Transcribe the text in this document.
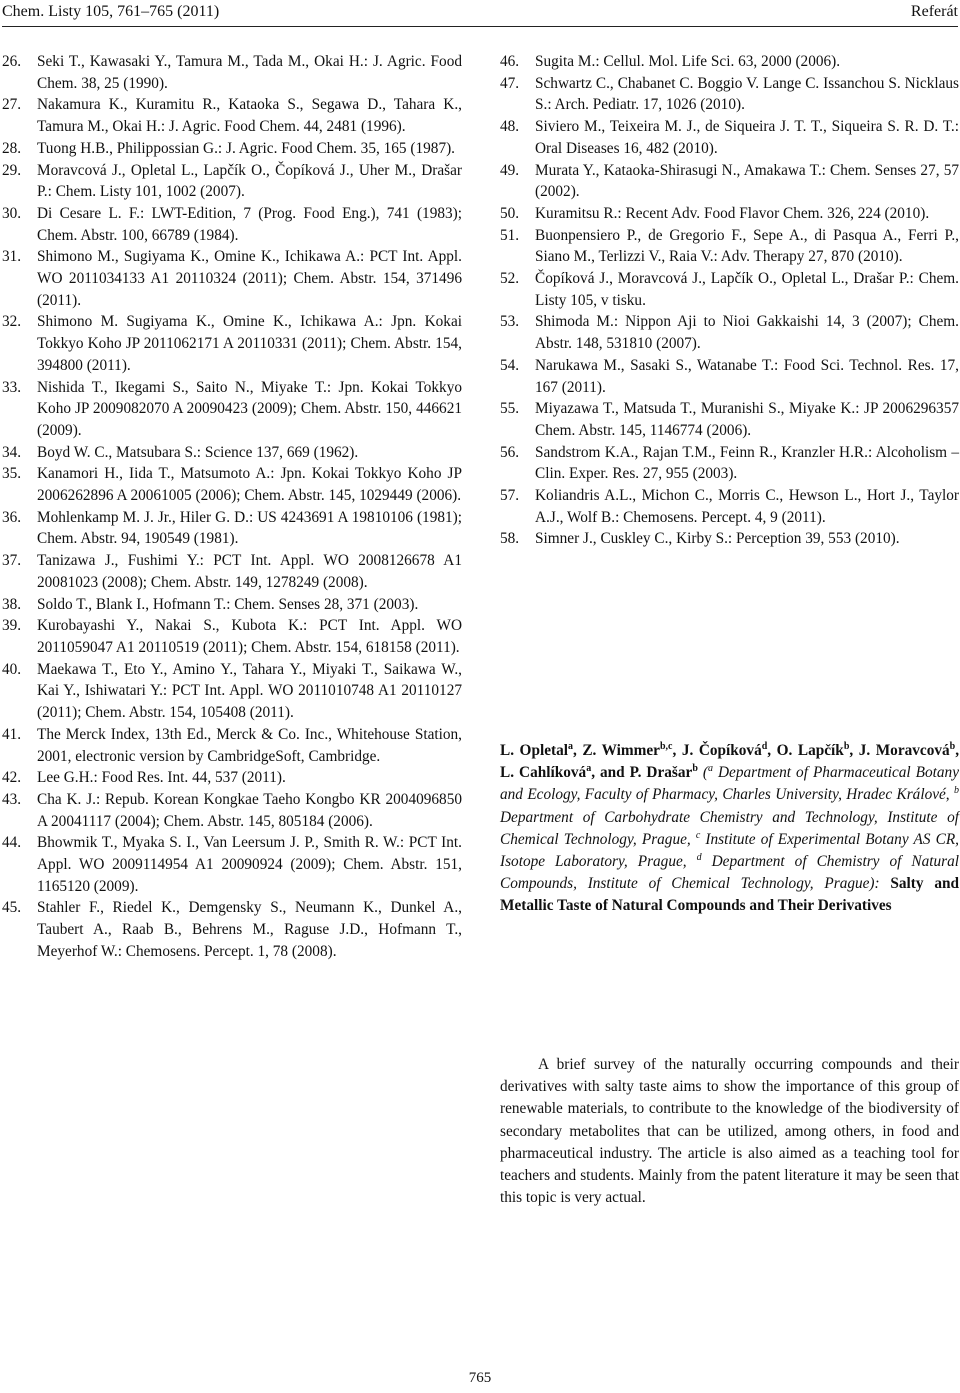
Chem. Listy 105, 761–765 (2011)	Referát

26. Seki T., Kawasaki Y., Tamura M., Tada M., Okai H.: J. Agric. Food Chem. 38, 25 (1990).

27. Nakamura K., Kuramitu R., Kataoka S., Segawa D., Tahara K., Tamura M., Okai H.: J. Agric. Food Chem. 44, 2481 (1996).

28. Tuong H.B., Philippossian G.: J. Agric. Food Chem. 35, 165 (1987).

29. Moravcová J., Opletal L., Lapčík O., Čopíková J., Uher M., Drašar P.: Chem. Listy 101, 1002 (2007).

30. Di Cesare L. F.: LWT-Edition, 7 (Prog. Food Eng.), 741 (1983); Chem. Abstr. 100, 66789 (1984).

31. Shimono M., Sugiyama K., Omine K., Ichikawa A.: PCT Int. Appl. WO 2011034133 A1 20110324 (2011); Chem. Abstr. 154, 371496 (2011).

32. Shimono M. Sugiyama K., Omine K., Ichikawa A.: Jpn. Kokai Tokkyo Koho JP 2011062171 A 20110331 (2011); Chem. Abstr. 154, 394800 (2011).

33. Nishida T., Ikegami S., Saito N., Miyake T.: Jpn. Kokai Tokkyo Koho JP 2009082070 A 20090423 (2009); Chem. Abstr. 150, 446621 (2009).

34. Boyd W. C., Matsubara S.: Science 137, 669 (1962).

35. Kanamori H., Iida T., Matsumoto A.: Jpn. Kokai Tokkyo Koho JP 2006262896 A 20061005 (2006); Chem. Abstr. 145, 1029449 (2006).

36. Mohlenkamp M. J. Jr., Hiler G. D.: US 4243691 A 19810106 (1981); Chem. Abstr. 94, 190549 (1981).

37. Tanizawa J., Fushimi Y.: PCT Int. Appl. WO 2008126678 A1 20081023 (2008); Chem. Abstr. 149, 1278249 (2008).

38. Soldo T., Blank I., Hofmann T.: Chem. Senses 28, 371 (2003).

39. Kurobayashi Y., Nakai S., Kubota K.: PCT Int. Appl. WO 2011059047 A1 20110519 (2011); Chem. Abstr. 154, 618158 (2011).

40. Maekawa T., Eto Y., Amino Y., Tahara Y., Miyaki T., Saikawa W., Kai Y., Ishiwatari Y.: PCT Int. Appl. WO 2011010748 A1 20110127 (2011); Chem. Abstr. 154, 105408 (2011).

41. The Merck Index, 13th Ed., Merck & Co. Inc., Whitehouse Station, 2001, electronic version by CambridgeSoft, Cambridge.

42. Lee G.H.: Food Res. Int. 44, 537 (2011).

43. Cha K. J.: Repub. Korean Kongkae Taeho Kongbo KR 2004096850 A 20041117 (2004); Chem. Abstr. 145, 805184 (2006).

44. Bhowmik T., Myaka S. I., Van Leersum J. P., Smith R. W.: PCT Int. Appl. WO 2009114954 A1 20090924 (2009); Chem. Abstr. 151, 1165120 (2009).

45. Stahler F., Riedel K., Demgensky S., Neumann K., Dunkel A., Taubert A., Raab B., Behrens M., Raguse J.D., Hofmann T., Meyerhof W.: Chemosens. Percept. 1, 78 (2008).

46. Sugita M.: Cellul. Mol. Life Sci. 63, 2000 (2006).

47. Schwartz C., Chabanet C. Boggio V. Lange C. Issanchou S. Nicklaus S.: Arch. Pediatr. 17, 1026 (2010).

48. Siviero M., Teixeira M. J., de Siqueira J. T. T., Siqueira S. R. D. T.: Oral Diseases 16, 482 (2010).

49. Murata Y., Kataoka-Shirasugi N., Amakawa T.: Chem. Senses 27, 57 (2002).

50. Kuramitsu R.: Recent Adv. Food Flavor Chem. 326, 224 (2010).

51. Buonpensiero P., de Gregorio F., Sepe A., di Pasqua A., Ferri P., Siano M., Terlizzi V., Raia V.: Adv. Therapy 27, 870 (2010).

52. Čopíková J., Moravcová J., Lapčík O., Opletal L., Drašar P.: Chem. Listy 105, v tisku.

53. Shimoda M.: Nippon Aji to Nioi Gakkaishi 14, 3 (2007); Chem. Abstr. 148, 531810 (2007).

54. Narukawa M., Sasaki S., Watanabe T.: Food Sci. Technol. Res. 17, 167 (2011).

55. Miyazawa T., Matsuda T., Muranishi S., Miyake K.: JP 2006296357 Chem. Abstr. 145, 1146774 (2006).

56. Sandstrom K.A., Rajan T.M., Feinn R., Kranzler H.R.: Alcoholism – Clin. Exper. Res. 27, 955 (2003).

57. Koliandris A.L., Michon C., Morris C., Hewson L., Hort J., Taylor A.J., Wolf B.: Chemosens. Percept. 4, 9 (2011).

58. Simner J., Cuskley C., Kirby S.: Perception 39, 553 (2010).

L. Opletal$^a$, Z. Wimmer$^{b,c}$, J. Čopíková$^d$, O. Lapčík$^b$, J. Moravcová$^b$, L. Cahlíková$^a$, and P. Drašar$^b$ ($^a$ Department of Pharmaceutical Botany and Ecology, Faculty of Pharmacy, Charles University, Hradec Králové, $^b$ Department of Carbohydrate Chemistry and Technology, Institute of Chemical Technology, Prague, $^c$ Institute of Experimental Botany AS CR, Isotope Laboratory, Prague, $^d$ Department of Chemistry of Natural Compounds, Institute of Chemical Technology, Prague): Salty and Metallic Taste of Natural Compounds and Their Derivatives

A brief survey of the naturally occurring compounds and their derivatives with salty taste aims to show the importance of this group of renewable materials, to contribute to the knowledge of the biodiversity of secondary metabolites that can be utilized, among others, in food and pharmaceutical industry. The article is also aimed as a teaching tool for teachers and students. Mainly from the patent literature it may be seen that this topic is very actual.

765
